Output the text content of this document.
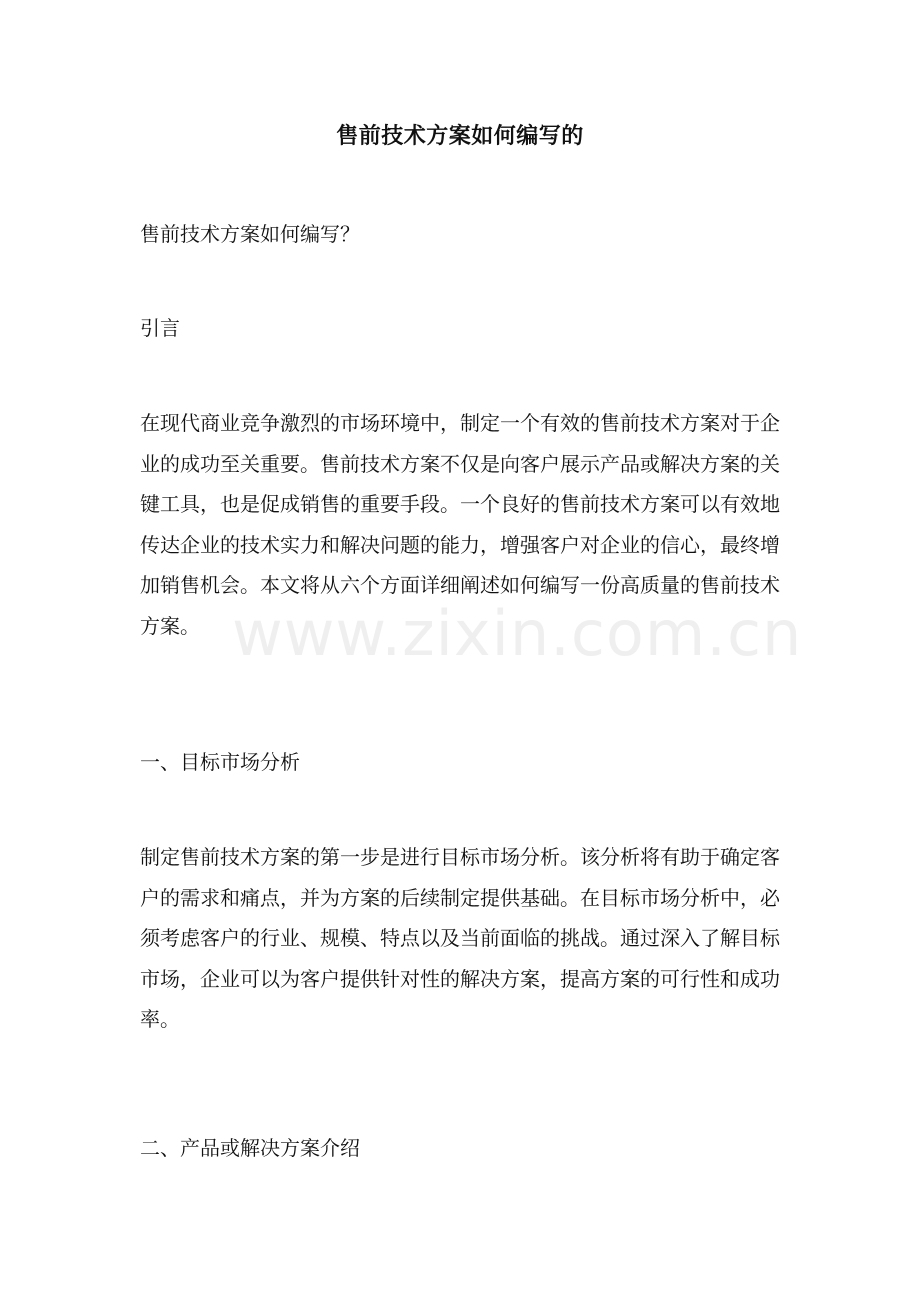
售前技术方案如何编写的
售前技术方案如何编写？
引言
在现代商业竞争激烈的市场环境中，制定一个有效的售前技术方案对于企业的成功至关重要。售前技术方案不仅是向客户展示产品或解决方案的关键工具，也是促成销售的重要手段。一个良好的售前技术方案可以有效地传达企业的技术实力和解决问题的能力，增强客户对企业的信心，最终增加销售机会。本文将从六个方面详细阐述如何编写一份高质量的售前技术方案。
一、目标市场分析
制定售前技术方案的第一步是进行目标市场分析。该分析将有助于确定客户的需求和痛点，并为方案的后续制定提供基础。在目标市场分析中，必须考虑客户的行业、规模、特点以及当前面临的挑战。通过深入了解目标市场，企业可以为客户提供针对性的解决方案，提高方案的可行性和成功率。
二、产品或解决方案介绍
www.zixin.com.cn
